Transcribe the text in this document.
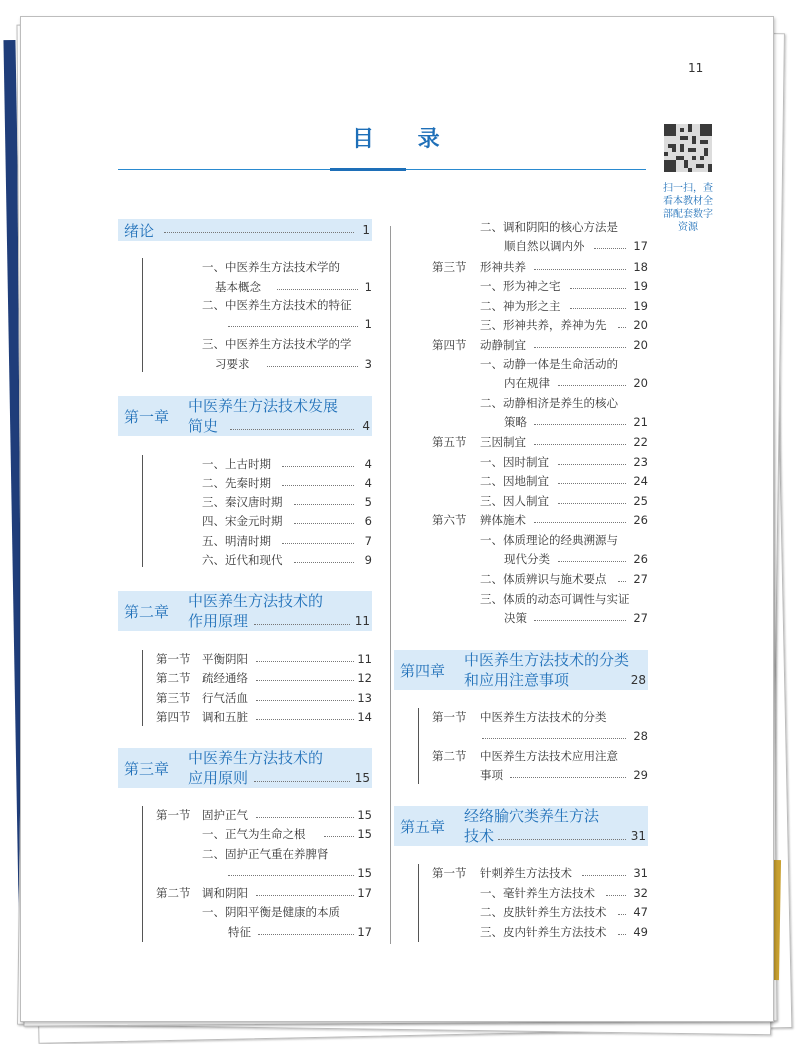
11
目 录
扫一扫，查
看本教材全
部配套数字
资源
绪论	1
一、中医养生方法技术学的
基本概念	1
二、中医养生方法技术的特征
1
三、中医养生方法技术学的学
习要求	3
第一章
中医养生方法技术发展
简史	4
一、上古时期	4
二、先秦时期	4
三、秦汉唐时期	5
四、宋金元时期	6
五、明清时期	7
六、近代和现代	9
第二章
中医养生方法技术的
作用原理	11
第一节 平衡阴阳	11
第二节 疏经通络	12
第三节 行气活血	13
第四节 调和五脏	14
第三章
中医养生方法技术的
应用原则	15
第一节 固护正气	15
一、正气为生命之根	15
二、固护正气重在养脾肾
15
第二节 调和阴阳	17
一、阴阳平衡是健康的本质
特征	17
二、调和阴阳的核心方法是
顺自然以调内外	17
第三节 形神共养	18
一、形为神之宅	19
二、神为形之主	19
三、形神共养，养神为先 20
第四节 动静制宜	20
一、动静一体是生命活动的
内在规律	20
二、动静相济是养生的核心
策略	21
第五节 三因制宜	22
一、因时制宜	23
二、因地制宜	24
三、因人制宜	25
第六节 辨体施术	26
一、体质理论的经典溯源与
现代分类	26
二、体质辨识与施术要点 27
三、体质的动态可调性与实证
决策	27
第四章
中医养生方法技术的分类
和应用注意事项	28
第一节 中医养生方法技术的分类
28
第二节 中医养生方法技术应用注意
事项	29
第五章
经络腧穴类养生方法
技术	31
第一节 针刺养生方法技术	31
一、毫针养生方法技术	32
二、皮肤针养生方法技术 47
三、皮内针养生方法技术 49
